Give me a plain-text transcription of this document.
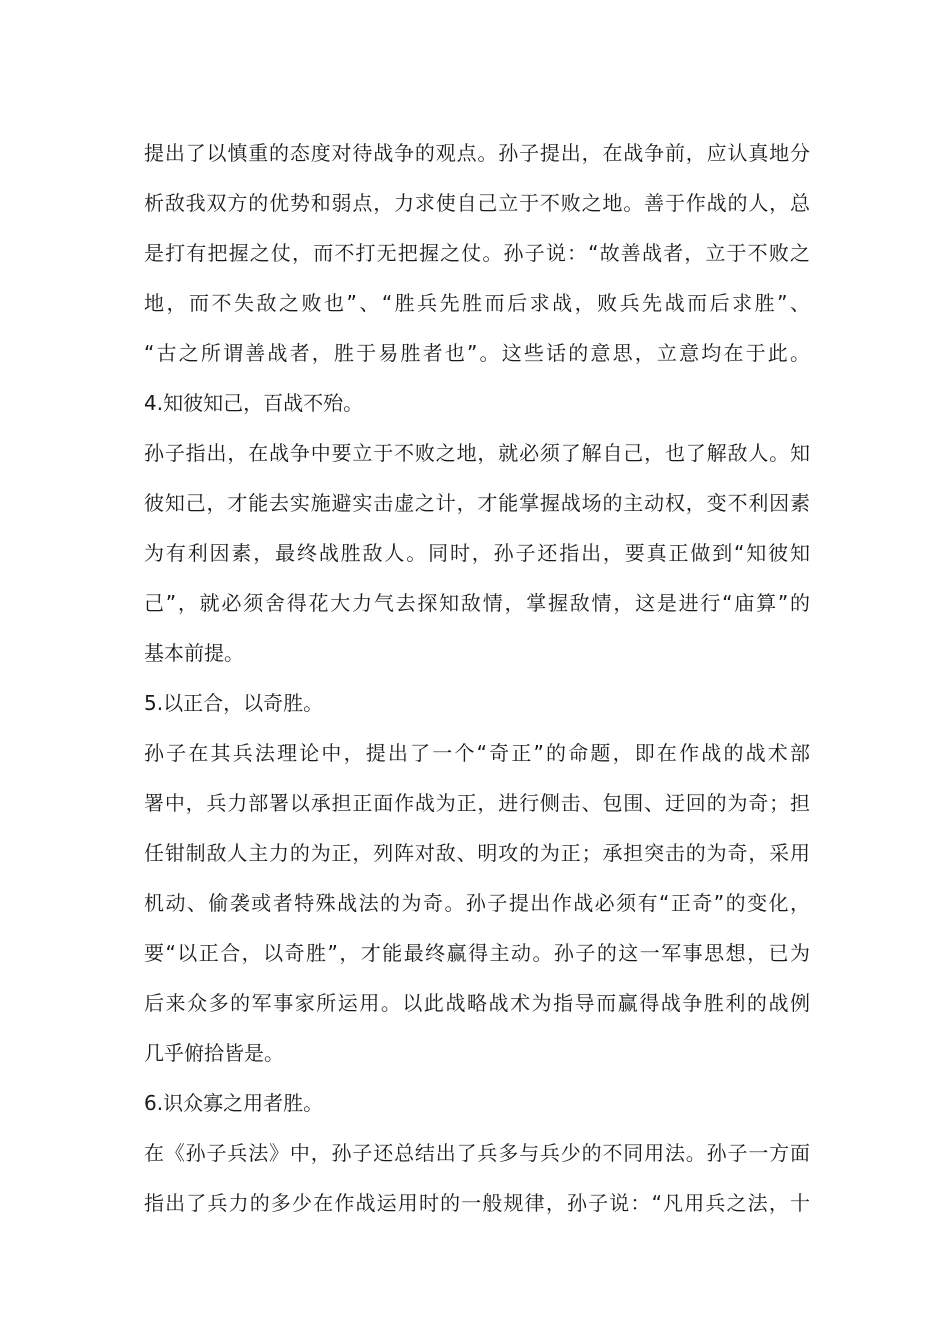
提出了以慎重的态度对待战争的观点。孙子提出，在战争前，应认真地分
析敌我双方的优势和弱点，力求使自己立于不败之地。善于作战的人，总
是打有把握之仗，而不打无把握之仗。孙子说：“故善战者，立于不败之
地，而不失敌之败也”、“胜兵先胜而后求战，败兵先战而后求胜”、
“古之所谓善战者，胜于易胜者也”。这些话的意思，立意均在于此。
4.知彼知己，百战不殆。
孙子指出，在战争中要立于不败之地，就必须了解自己，也了解敌人。知
彼知己，才能去实施避实击虚之计，才能掌握战场的主动权，变不利因素
为有利因素，最终战胜敌人。同时，孙子还指出，要真正做到“知彼知
己”，就必须舍得花大力气去探知敌情，掌握敌情，这是进行“庙算”的
基本前提。
5.以正合，以奇胜。
孙子在其兵法理论中，提出了一个“奇正”的命题，即在作战的战术部
署中，兵力部署以承担正面作战为正，进行侧击、包围、迂回的为奇；担
任钳制敌人主力的为正，列阵对敌、明攻的为正；承担突击的为奇，采用
机动、偷袭或者特殊战法的为奇。孙子提出作战必须有“正奇”的变化，
要“以正合，以奇胜”，才能最终赢得主动。孙子的这一军事思想，已为
后来众多的军事家所运用。以此战略战术为指导而赢得战争胜利的战例
几乎俯拾皆是。
6.识众寡之用者胜。
在《孙子兵法》中，孙子还总结出了兵多与兵少的不同用法。孙子一方面
指出了兵力的多少在作战运用时的一般规律，孙子说：“凡用兵之法，十
